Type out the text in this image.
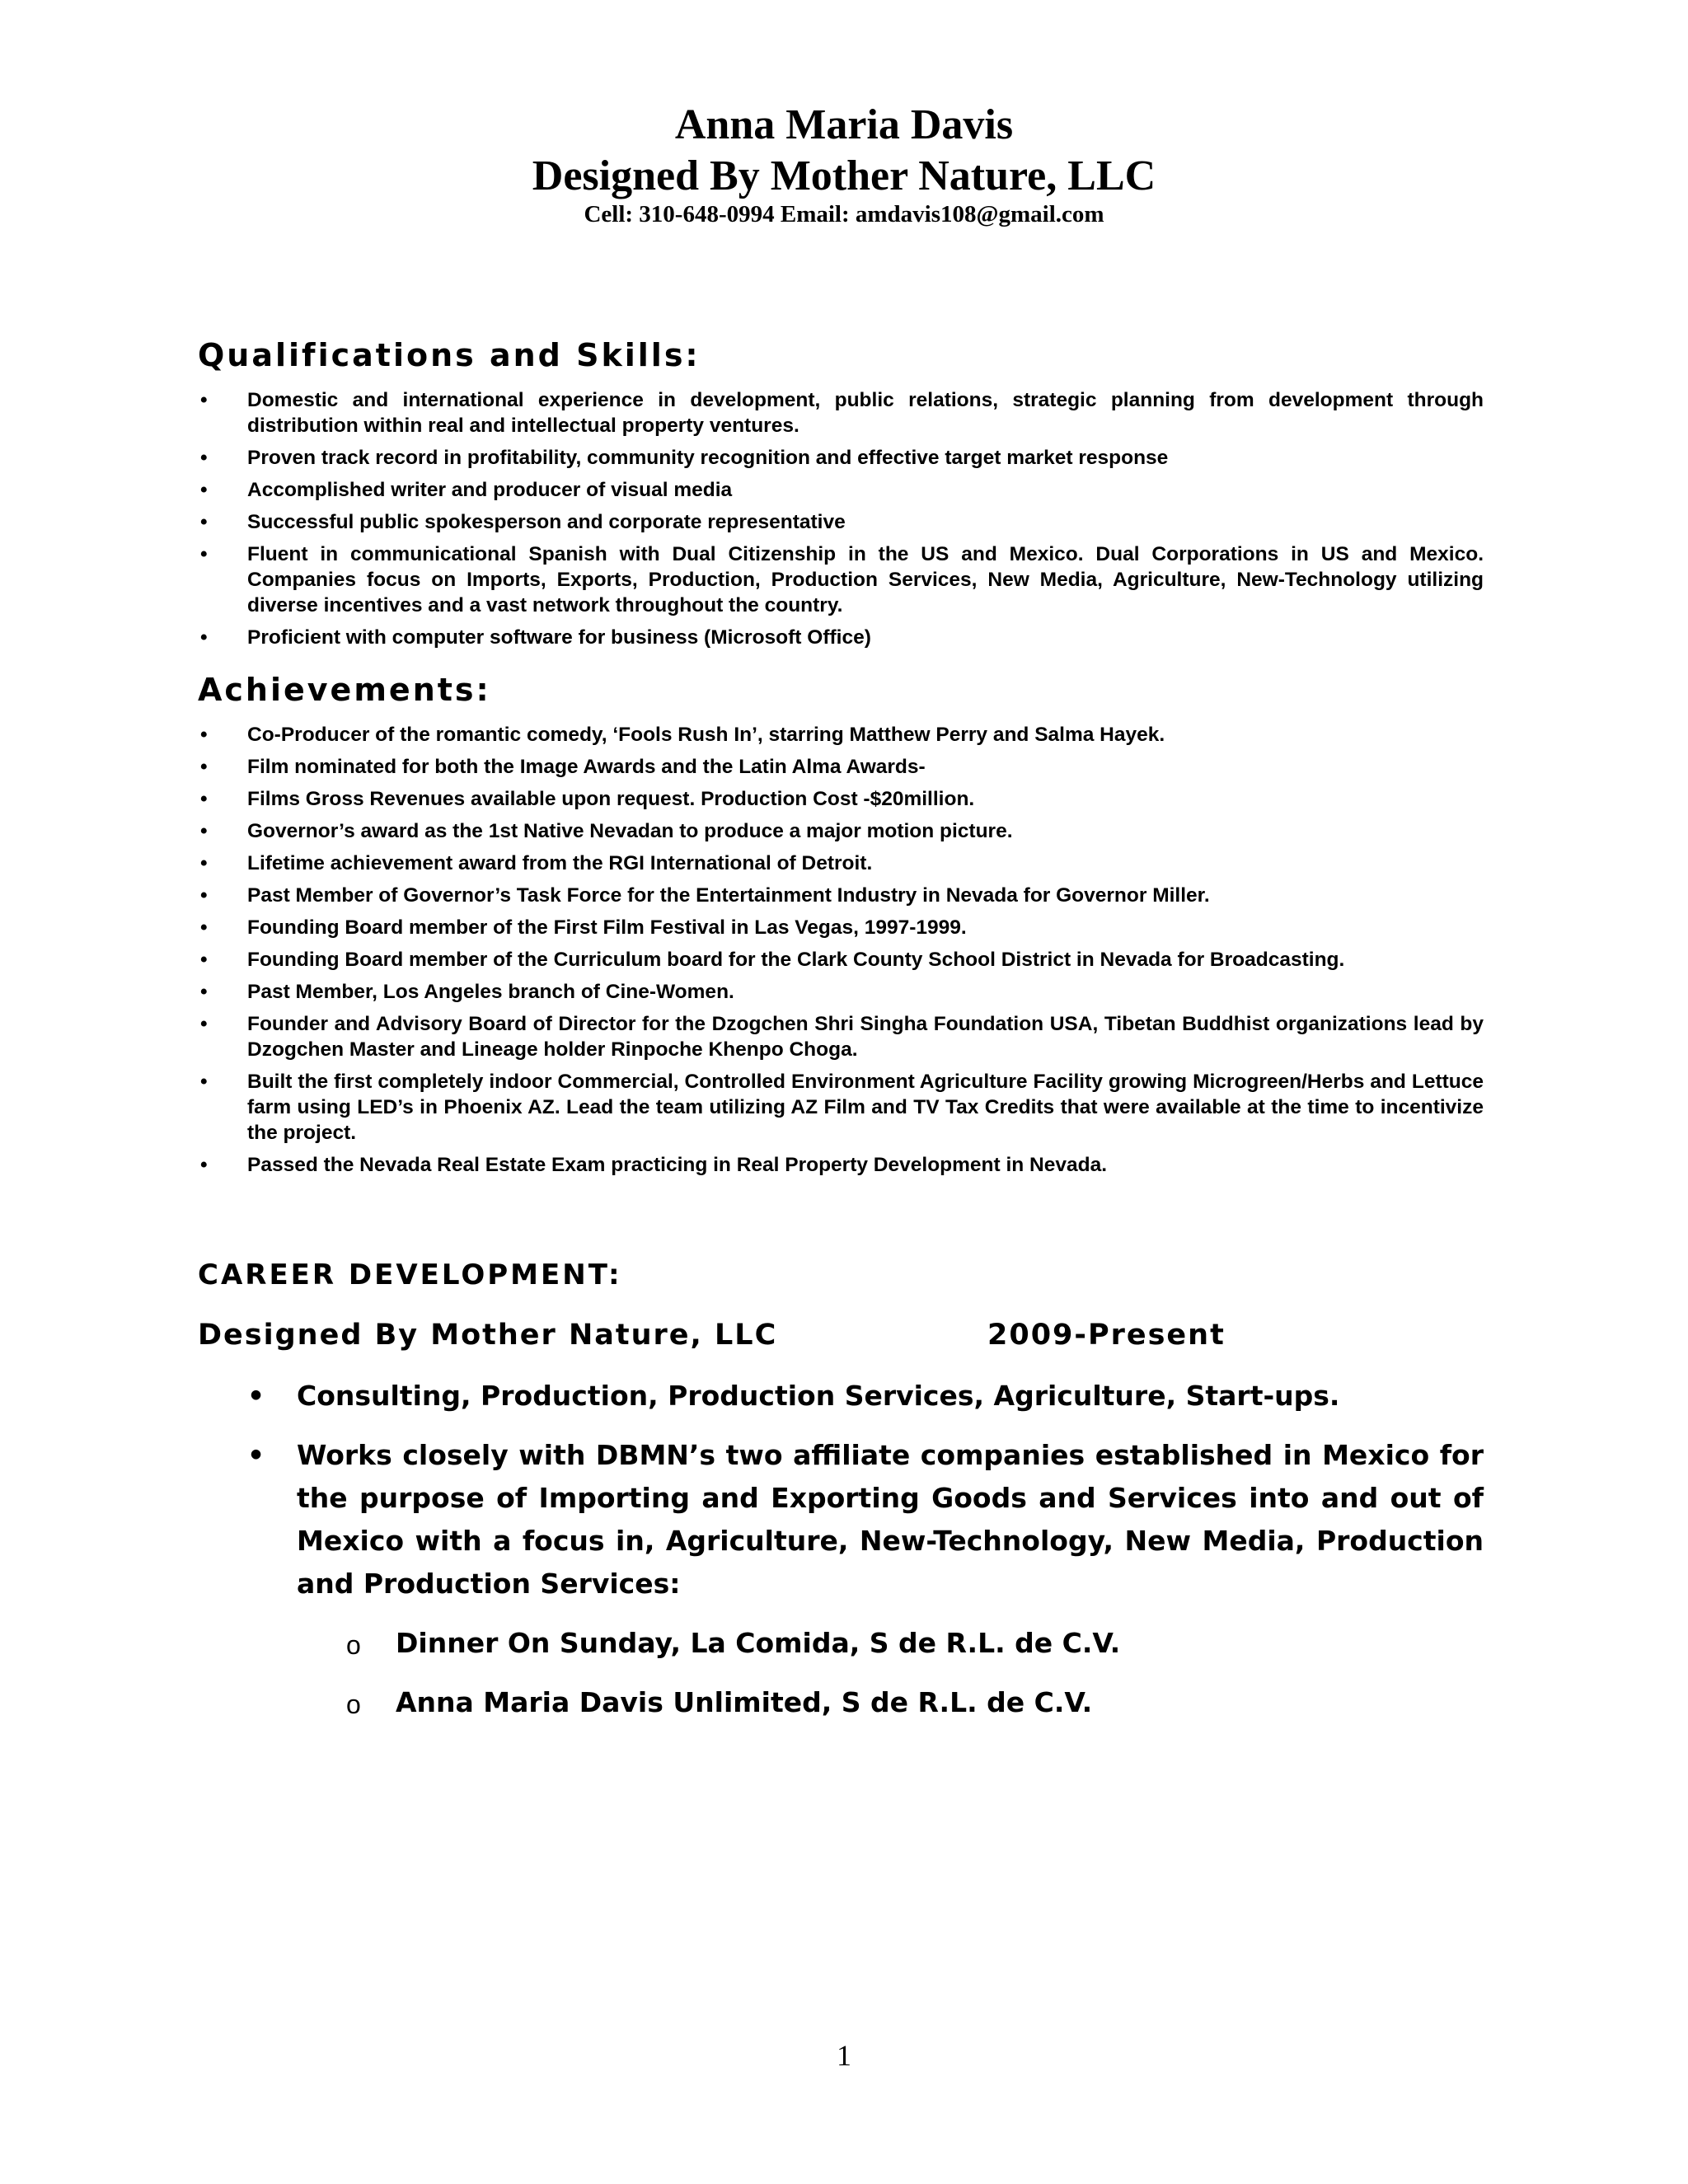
Anna Maria Davis
Designed By Mother Nature, LLC
Cell: 310-648-0994 Email: amdavis108@gmail.com
Qualifications and Skills:
• Domestic and international experience in development, public relations, strategic planning from development through distribution within real and intellectual property ventures.
• Proven track record in profitability, community recognition and effective target market response
• Accomplished writer and producer of visual media
• Successful public spokesperson and corporate representative
• Fluent in communicational Spanish with Dual Citizenship in the US and Mexico. Dual Corporations in US and Mexico. Companies focus on Imports, Exports, Production, Production Services, New Media, Agriculture, New-Technology utilizing diverse incentives and a vast network throughout the country.
• Proficient with computer software for business (Microsoft Office)
Achievements:
• Co-Producer of the romantic comedy, ‘Fools Rush In’, starring Matthew Perry and Salma Hayek.
• Film nominated for both the Image Awards and the Latin Alma Awards-
• Films Gross Revenues available upon request. Production Cost -$20million.
• Governor’s award as the 1st Native Nevadan to produce a major motion picture.
• Lifetime achievement award from the RGI International of Detroit.
• Past Member of Governor’s Task Force for the Entertainment Industry in Nevada for Governor Miller.
• Founding Board member of the First Film Festival in Las Vegas, 1997-1999.
• Founding Board member of the Curriculum board for the Clark County School District in Nevada for Broadcasting.
• Past Member, Los Angeles branch of Cine-Women.
• Founder and Advisory Board of Director for the Dzogchen Shri Singha Foundation USA, Tibetan Buddhist organizations lead by Dzogchen Master and Lineage holder Rinpoche Khenpo Choga.
• Built the first completely indoor Commercial, Controlled Environment Agriculture Facility growing Microgreen/Herbs and Lettuce farm using LED’s in Phoenix AZ. Lead the team utilizing AZ Film and TV Tax Credits that were available at the time to incentivize the project.
• Passed the Nevada Real Estate Exam practicing in Real Property Development in Nevada.
CAREER DEVELOPMENT:
Designed By Mother Nature, LLC	2009-Present
• Consulting, Production, Production Services, Agriculture, Start-ups.
• Works closely with DBMN’s two affiliate companies established in Mexico for the purpose of Importing and Exporting Goods and Services into and out of Mexico with a focus in, Agriculture, New-Technology, New Media, Production and Production Services:
o Dinner On Sunday, La Comida, S de R.L. de C.V.
o Anna Maria Davis Unlimited, S de R.L. de C.V.
1
